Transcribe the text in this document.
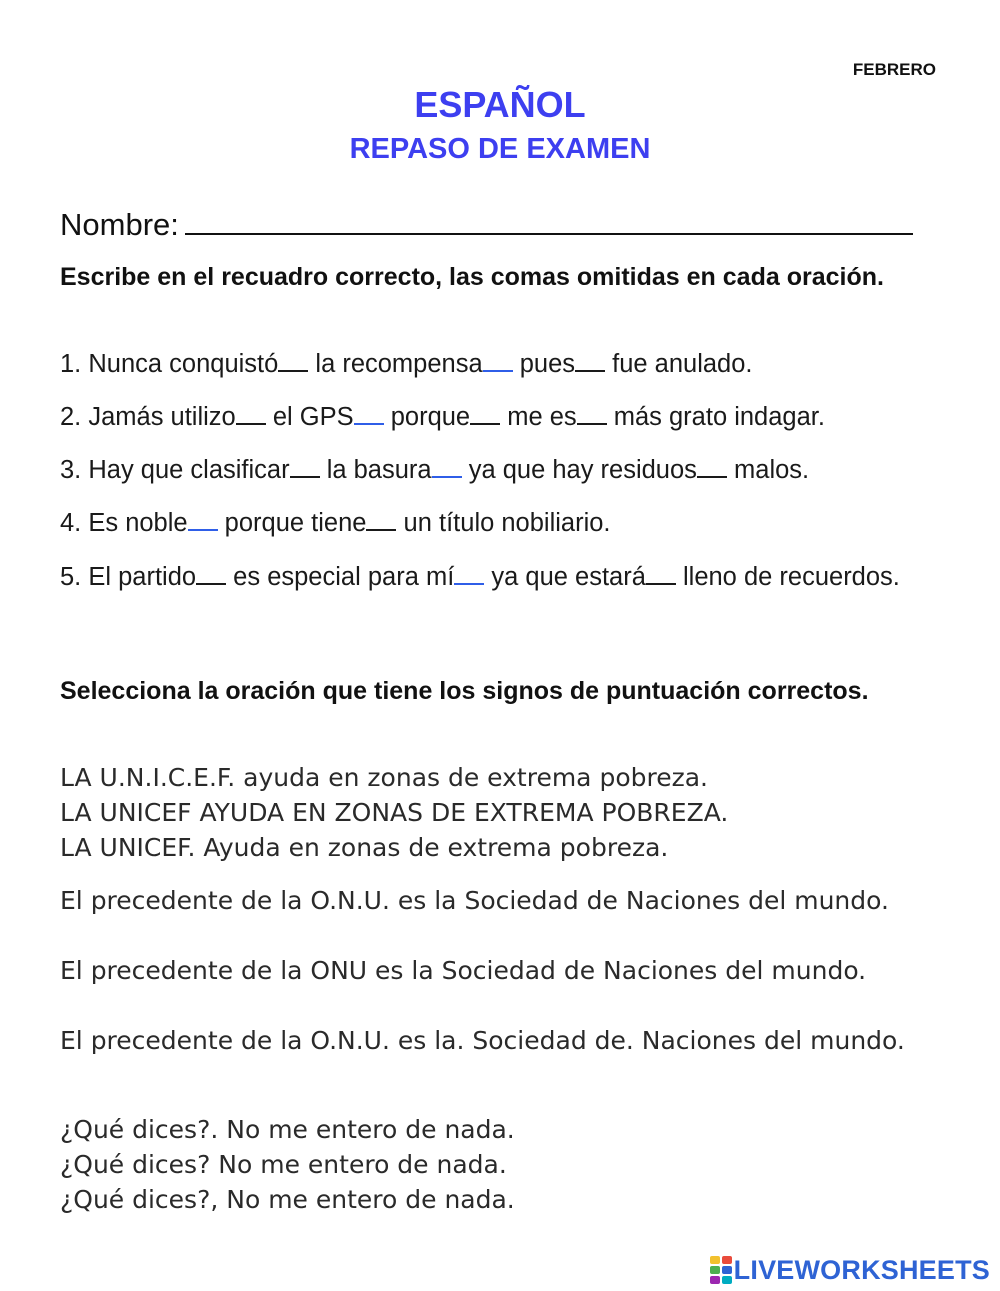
FEBRERO
ESPAÑOL
REPASO DE EXAMEN
Nombre:
Escribe en el recuadro correcto, las comas omitidas en cada oración.
1. Nunca conquistó la recompensa pues fue anulado.
2. Jamás utilizo el GPS porque me es más grato indagar.
3. Hay que clasificar la basura ya que hay residuos malos.
4. Es noble porque tiene un título nobiliario.
5. El partido es especial para mí ya que estará lleno de recuerdos.
Selecciona la oración que tiene los signos de puntuación correctos.
LA U.N.I.C.E.F. ayuda en zonas de extrema pobreza.
LA UNICEF AYUDA EN ZONAS DE EXTREMA POBREZA.
LA UNICEF. Ayuda en zonas de extrema pobreza.
El precedente de la O.N.U. es la Sociedad de Naciones del mundo.
El precedente de la ONU es la Sociedad de Naciones del mundo.
El precedente de la O.N.U. es la. Sociedad de. Naciones del mundo.
¿Qué dices?. No me entero de nada.
¿Qué dices? No me entero de nada.
¿Qué dices?, No me entero de nada.
LIVEWORKSHEETS
